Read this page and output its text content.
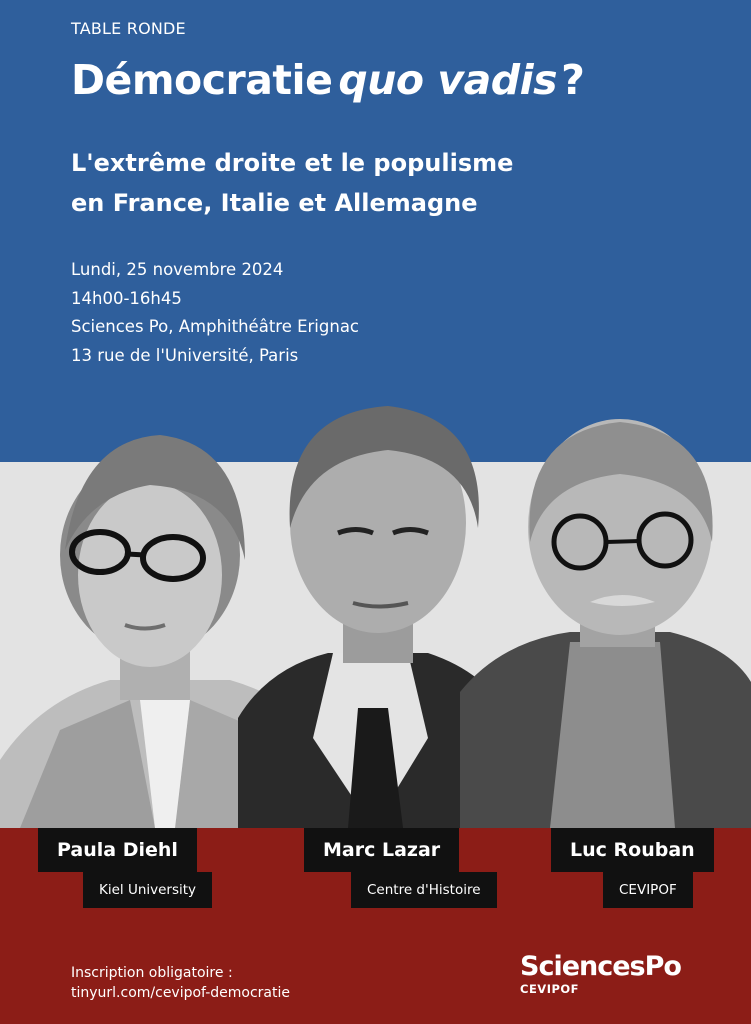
TABLE RONDE
Démocratie quo vadis?
L'extrême droite et le populisme
en France, Italie et Allemagne
Lundi, 25 novembre 2024
14h00-16h45
Sciences Po, Amphithéâtre Erignac
13 rue de l'Université, Paris
Paula Diehl
Kiel University
Marc Lazar
Centre d'Histoire
Luc Rouban
CEVIPOF
Inscription obligatoire :
tinyurl.com/cevipof-democratie
SciencesPo
CEVIPOF
